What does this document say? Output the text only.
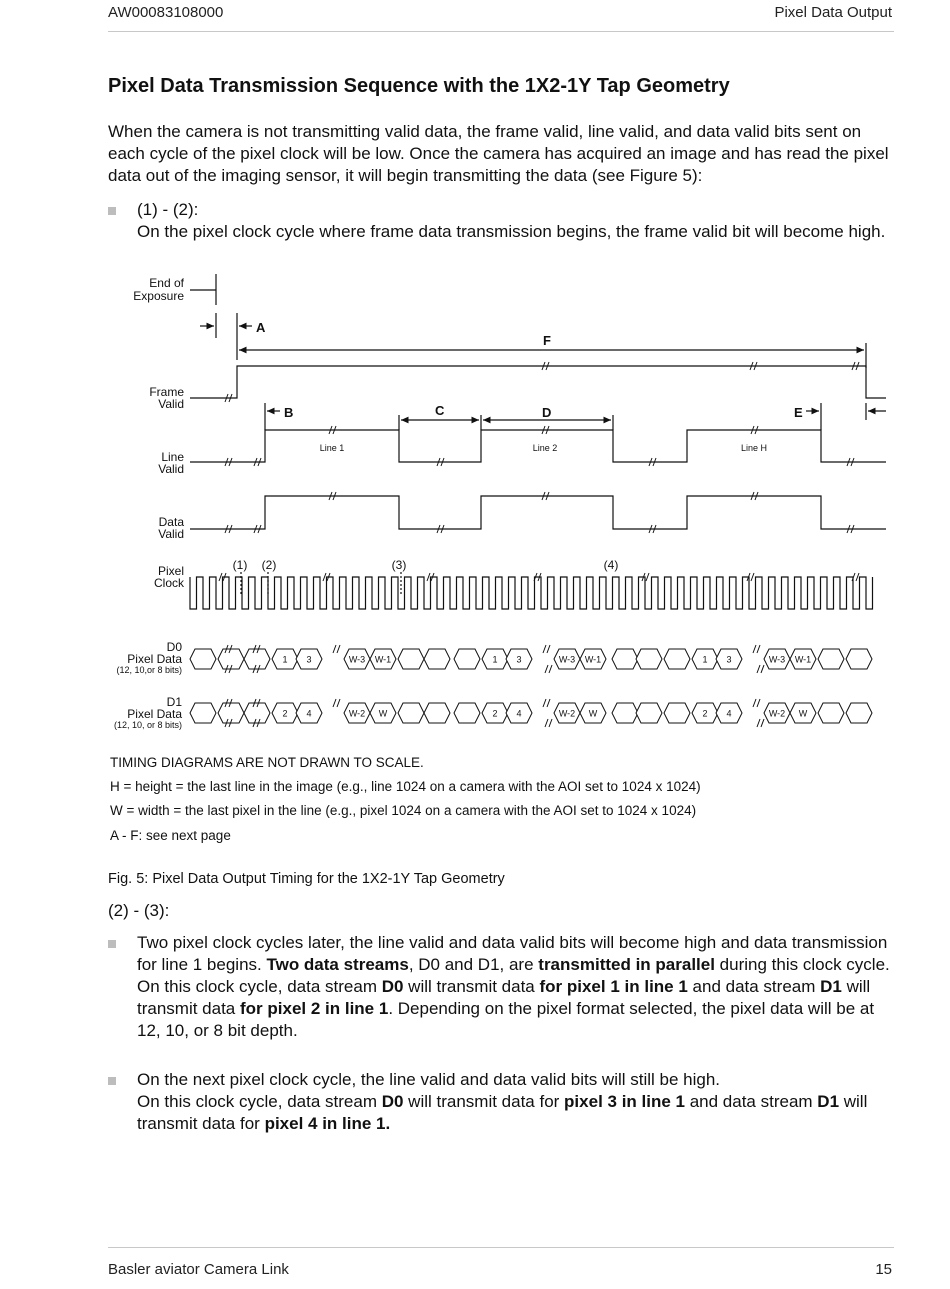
AW00083108000	Pixel Data Output
Pixel Data Transmission Sequence with the 1X2-1Y Tap Geometry

When the camera is not transmitting valid data, the frame valid, line valid, and data valid bits sent on each cycle of the pixel clock will be low. Once the camera has acquired an image and has read the pixel data out of the imaging sensor, it will begin transmitting the data (see Figure 5):

(1) - (2):
On the pixel clock cycle where frame data transmission begins, the frame valid bit will become high.

End of
Exposure
A
F
Frame
Valid
B	C	D	E
Line 1	Line 2	Line H
Line
Valid
Data
Valid
Pixel
Clock
(1) (2)	(3)	(4)
D0
Pixel Data
(12, 10,or 8 bits)
D1
Pixel Data
(12, 10, or 8 bits)
1 3	W-3 W-1	1 3	W-3 W-1	1 3	W-3 W-1
2 4	W-2 W	2 4	W-2 W	2 4	W-2 W
TIMING DIAGRAMS ARE NOT DRAWN TO SCALE.
H = height = the last line in the image (e.g., line 1024 on a camera with the AOI set to 1024 x 1024)
W = width = the last pixel in the line (e.g., pixel 1024 on a camera with the AOI set to 1024 x 1024)
A - F: see next page
Fig. 5: Pixel Data Output Timing for the 1X2-1Y Tap Geometry
(2) - (3):

Two pixel clock cycles later, the line valid and data valid bits will become high and data transmission for line 1 begins. Two data streams, D0 and D1, are transmitted in parallel during this clock cycle.
On this clock cycle, data stream D0 will transmit data for pixel 1 in line 1 and data stream D1 will transmit data for pixel 2 in line 1. Depending on the pixel format selected, the pixel data will be at 12, 10, or 8 bit depth.

On the next pixel clock cycle, the line valid and data valid bits will still be high.
On this clock cycle, data stream D0 will transmit data for pixel 3 in line 1 and data stream D1 will transmit data for pixel 4 in line 1.

Basler aviator Camera Link	15
